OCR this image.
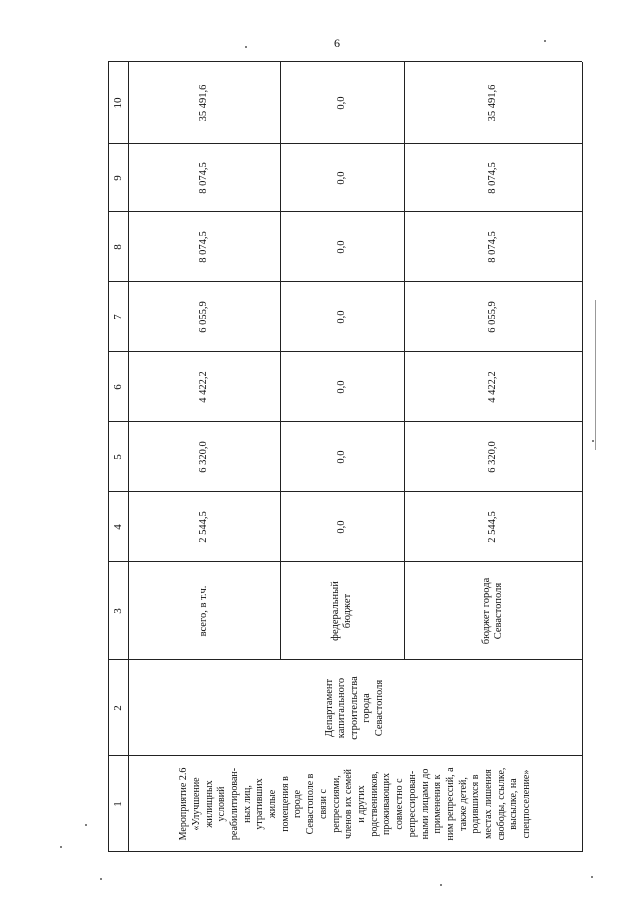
6
1
2
3
4
5
6
7
8
9
10
Мероприятие 2.6
«Улучшение
жилищных
условий
реабилитирован-
ных лиц,
утративших
жилые
помещения в
городе
Севастополе в
связи с
репрессиями,
членов их семей
и других
родственников,
проживающих
совместно с
репрессирован-
ными лицами до
применения к
ним репрессий, а
также детей,
родившихся в
местах лишения
свободы, ссылке,
высылке, на
спецпоселение»
Департамент
капитального
строительства
города
Севастополя
всего, в т.ч.
2 544,5
6 320,0
4 422,2
6 055,9
8 074,5
8 074,5
35 491,6
федеральный
бюджет
0,0
0,0
0,0
0,0
0,0
0,0
0,0
бюджет города
Севастополя
2 544,5
6 320,0
4 422,2
6 055,9
8 074,5
8 074,5
35 491,6
